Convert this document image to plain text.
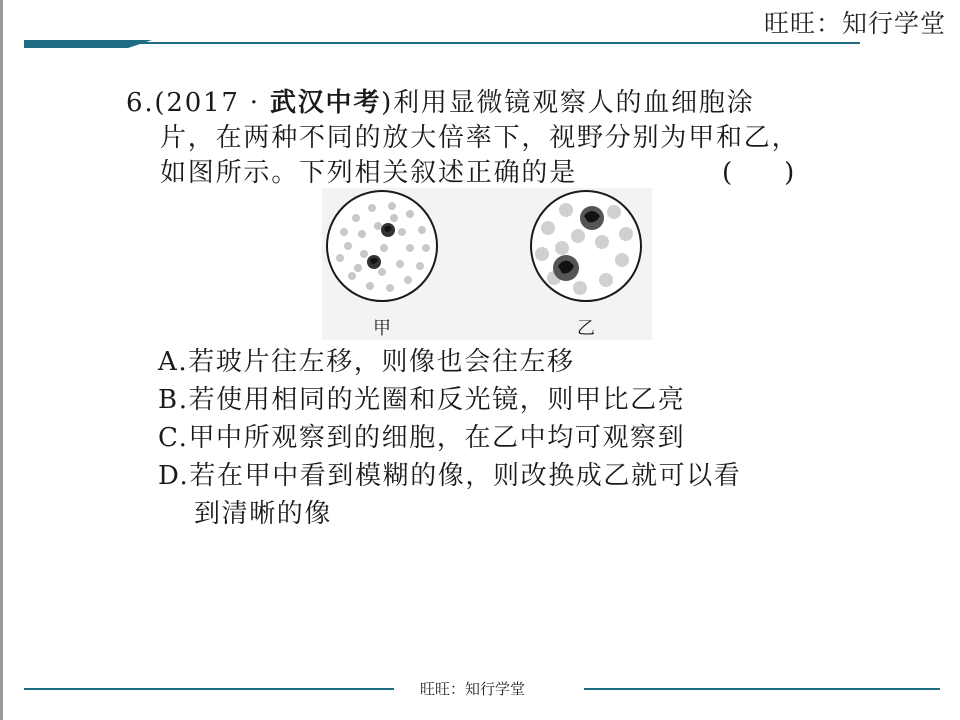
旺旺：知行学堂
6.(2017 · 武汉中考)利用显微镜观察人的血细胞涂
片，在两种不同的放大倍率下，视野分别为甲和乙，
如图所示。下列相关叙述正确的是	(　　)
甲	乙
A.若玻片往左移，则像也会往左移
B.若使用相同的光圈和反光镜，则甲比乙亮
C.甲中所观察到的细胞，在乙中均可观察到
D.若在甲中看到模糊的像，则改换成乙就可以看
到清晰的像
旺旺：知行学堂
